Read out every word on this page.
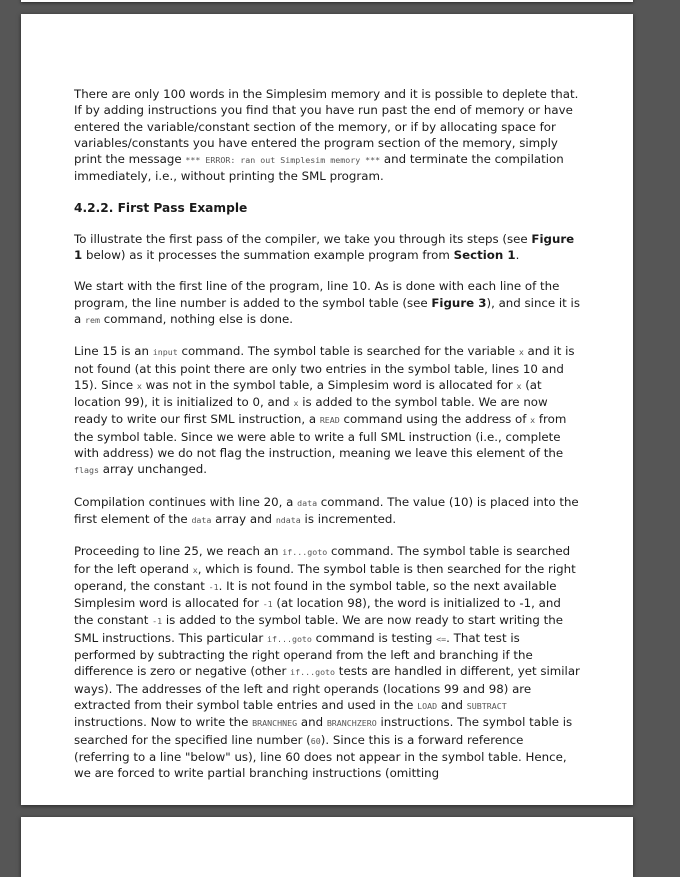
There are only 100 words in the Simplesim memory and it is possible to deplete that. If by adding instructions you find that you have run past the end of memory or have entered the variable/constant section of the memory, or if by allocating space for variables/constants you have entered the program section of the memory, simply print the message *** ERROR: ran out Simplesim memory *** and terminate the compilation immediately, i.e., without printing the SML program.

4.2.2. First Pass Example

To illustrate the first pass of the compiler, we take you through its steps (see Figure 1 below) as it processes the summation example program from Section 1.

We start with the first line of the program, line 10. As is done with each line of the program, the line number is added to the symbol table (see Figure 3), and since it is a rem command, nothing else is done.

Line 15 is an input command. The symbol table is searched for the variable x and it is not found (at this point there are only two entries in the symbol table, lines 10 and 15). Since x was not in the symbol table, a Simplesim word is allocated for x (at location 99), it is initialized to 0, and x is added to the symbol table. We are now ready to write our first SML instruction, a READ command using the address of x from the symbol table. Since we were able to write a full SML instruction (i.e., complete with address) we do not flag the instruction, meaning we leave this element of the flags array unchanged.

Compilation continues with line 20, a data command. The value (10) is placed into the first element of the data array and ndata is incremented.

Proceeding to line 25, we reach an if...goto command. The symbol table is searched for the left operand x, which is found. The symbol table is then searched for the right operand, the constant -1. It is not found in the symbol table, so the next available Simplesim word is allocated for -1 (at location 98), the word is initialized to -1, and the constant -1 is added to the symbol table. We are now ready to start writing the SML instructions. This particular if...goto command is testing <=. That test is performed by subtracting the right operand from the left and branching if the difference is zero or negative (other if...goto tests are handled in different, yet similar ways). The addresses of the left and right operands (locations 99 and 98) are extracted from their symbol table entries and used in the LOAD and SUBTRACT instructions. Now to write the BRANCHNEG and BRANCHZERO instructions. The symbol table is searched for the specified line number (60). Since this is a forward reference (referring to a line "below" us), line 60 does not appear in the symbol table. Hence, we are forced to write partial branching instructions (omitting
